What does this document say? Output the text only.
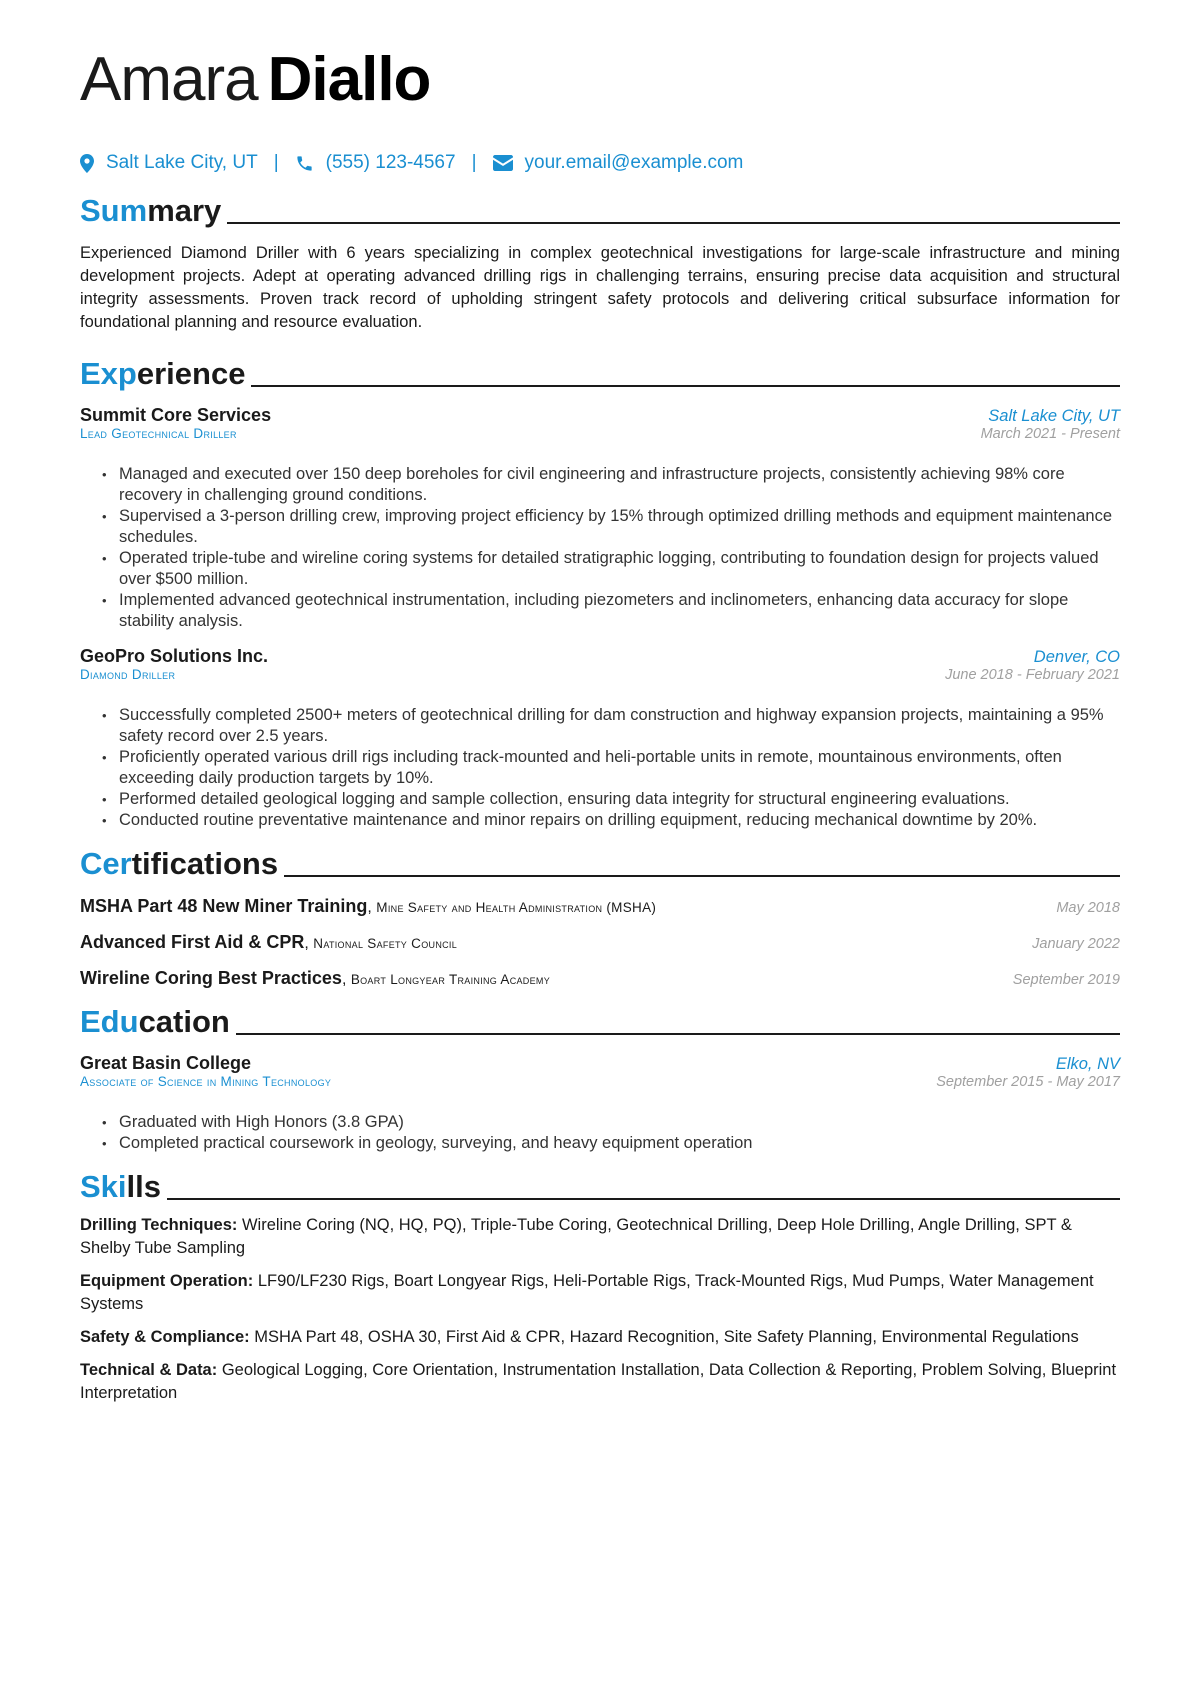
Amara Diallo
Salt Lake City, UT | (555) 123-4567 |	your.email@example.com
Summary

Experienced Diamond Driller with 6 years specializing in complex geotechnical investigations for large-scale infrastructure and mining development projects. Adept at operating advanced drilling rigs in challenging terrains, ensuring precise data acquisition and structural integrity assessments. Proven track record of upholding stringent safety protocols and delivering critical subsurface information for foundational planning and resource evaluation.

Experience
Summit Core Services	Salt Lake City, UT
Lead Geotechnical Driller	March 2021 - Present
• Managed and executed over 150 deep boreholes for civil engineering and infrastructure projects, consistently achieving 98% core recovery in challenging ground conditions.
• Supervised a 3-person drilling crew, improving project efficiency by 15% through optimized drilling methods and equipment maintenance schedules.
• Operated triple-tube and wireline coring systems for detailed stratigraphic logging, contributing to foundation design for projects valued over $500 million.
• Implemented advanced geotechnical instrumentation, including piezometers and inclinometers, enhancing data accuracy for slope stability analysis.
GeoPro Solutions Inc.	Denver, CO
Diamond Driller	June 2018 - February 2021
• Successfully completed 2500+ meters of geotechnical drilling for dam construction and highway expansion projects, maintaining a 95% safety record over 2.5 years.
• Proficiently operated various drill rigs including track-mounted and heli-portable units in remote, mountainous environments, often exceeding daily production targets by 10%.
• Performed detailed geological logging and sample collection, ensuring data integrity for structural engineering evaluations.
• Conducted routine preventative maintenance and minor repairs on drilling equipment, reducing mechanical downtime by 20%.
Certifications
MSHA Part 48 New Miner Training, Mine Safety and Health Administration (MSHA)	May 2018
Advanced First Aid & CPR, National Safety Council	January 2022
Wireline Coring Best Practices, Boart Longyear Training Academy	September 2019
Education
Great Basin College	Elko, NV
Associate of Science in Mining Technology	September 2015 - May 2017
• Graduated with High Honors (3.8 GPA)
• Completed practical coursework in geology, surveying, and heavy equipment operation
Skills
Drilling Techniques: Wireline Coring (NQ, HQ, PQ), Triple-Tube Coring, Geotechnical Drilling, Deep Hole Drilling, Angle Drilling, SPT & Shelby Tube Sampling
Equipment Operation: LF90/LF230 Rigs, Boart Longyear Rigs, Heli-Portable Rigs, Track-Mounted Rigs, Mud Pumps, Water Management Systems
Safety & Compliance: MSHA Part 48, OSHA 30, First Aid & CPR, Hazard Recognition, Site Safety Planning, Environmental Regulations
Technical & Data: Geological Logging, Core Orientation, Instrumentation Installation, Data Collection & Reporting, Problem Solving, Blueprint Interpretation
